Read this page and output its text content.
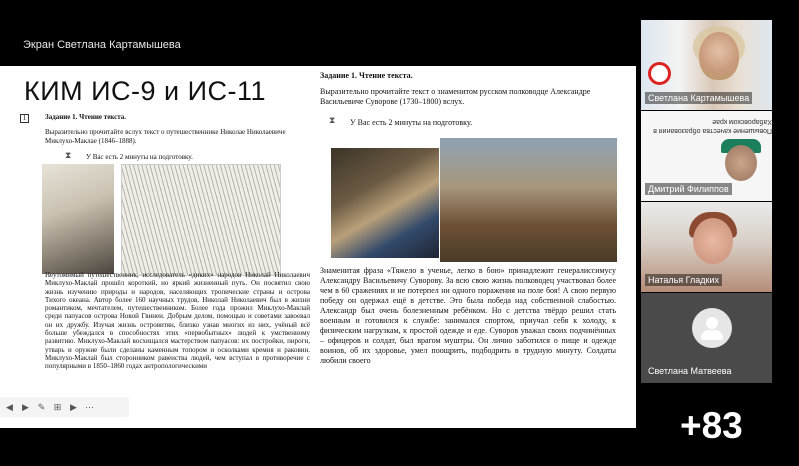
Экран Светлана Картамышева
КИМ ИС-9 и ИС-11
1	Задание 1. Чтение текста.
Выразительно прочитайте вслух текст о путешественнике Николае Николаевиче Миклухо-Маклае (1846–1888).
⧗ У Вас есть 2 минуты на подготовку.
Неутомимый путешественник, исследователь «диких» народов Николай Николаевич Миклухо-Маклай прошёл короткий, но яркий жизненный путь. Он посвятил свою жизнь изучению природы и народов, населяющих тропические страны и острова Тихого океана. Автор более 160 научных трудов, Николай Николаевич был в жизни романтиком, мечтателем, путешественником. Более года прожил Миклухо-Маклай среди папуасов острова Новой Гвинеи. Добрым делом, помощью и советами завоевал он их дружбу. Изучая жизнь островитян, близко узнав многих из них, учёный всё больше убеждался в способностях этих «первобытных» людей к умственному развитию. Миклухо-Маклай восхищался мастерством папуасов: их постройки, пироги, утварь и оружие были сделаны каменным топором и осколками кремня и раковин. Миклухо-Маклай был сторонником равенства людей, чем вступал в противоречие с популярными в 1850–1860 годах антропологическими
Задание 1. Чтение текста.
Выразительно прочитайте текст о знаменитом русском полководце Александре Васильевиче Суворове (1730–1800) вслух.
⧗ У Вас есть 2 минуты на подготовку.
Знаменитая фраза «Тяжело в ученье, легко в бою» принадлежит генералиссимусу Александру Васильевичу Суворову. За всю свою жизнь полководец участвовал более чем в 60 сражениях и не потерпел ни одного поражения на поле боя! А свою первую победу он одержал ещё в детстве. Это была победа над собственной слабостью. Александр был очень болезненным ребёнком. Но с детства твёрдо решил стать военным и готовился к службе: занимался спортом, приучал себя к холоду, к физическим нагрузкам, к простой одежде и еде. Суворов уважал своих подчинённых – офицеров и солдат, был врагом муштры. Он лично заботился о пище и одежде воинов, об их здоровье, умел поощрить, подбодрить в трудную минуту. Солдаты любили своего
◀	▶ ✎ ⊞ ▶ ⋯
Светлана Картамышева
Повышение качества образования в Хабаровском крае
Дмитрий Филиппов
Наталья Гладких
Светлана Матвеева
+83
